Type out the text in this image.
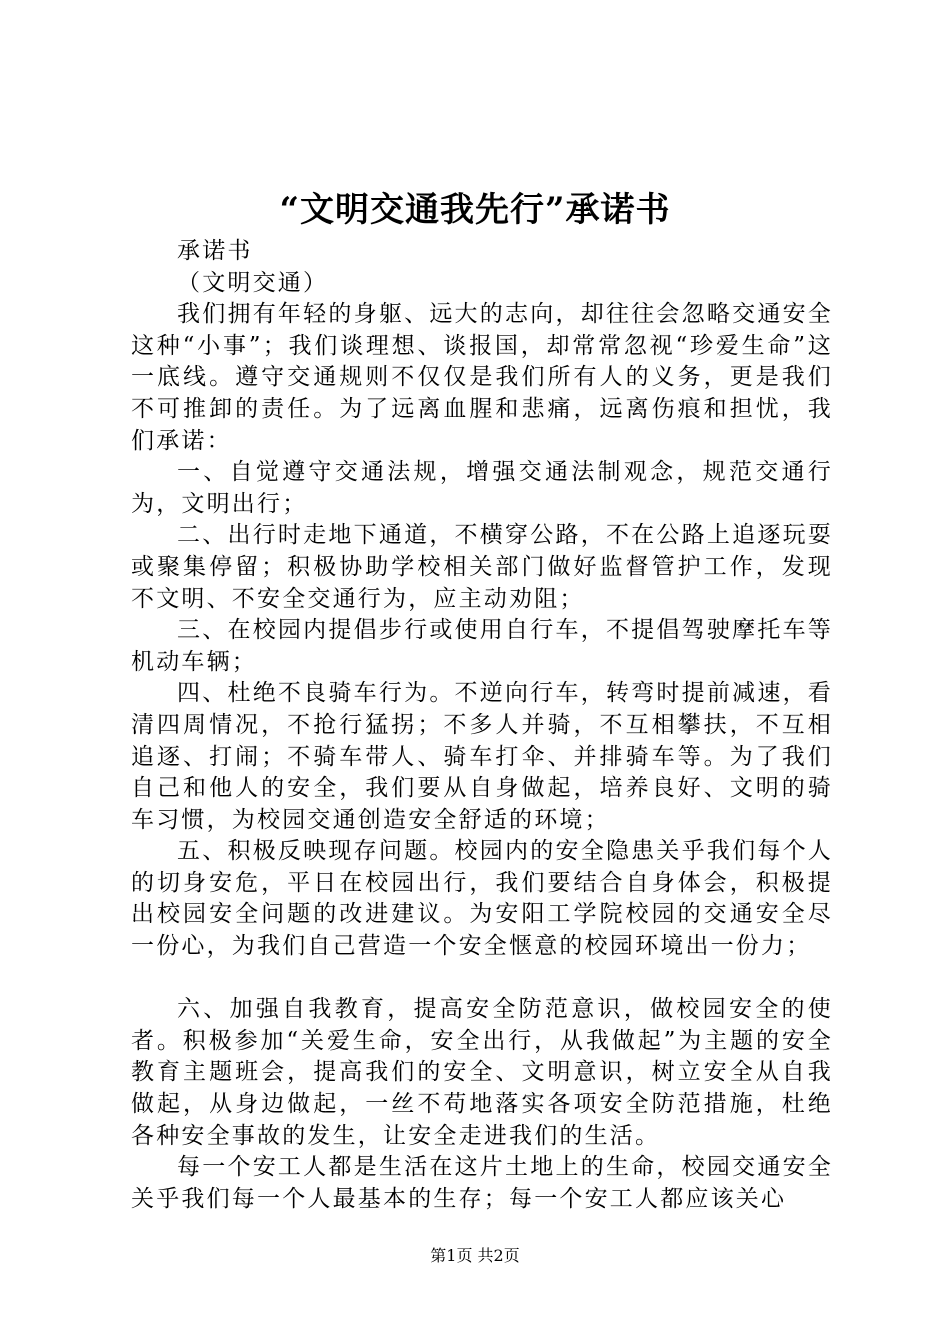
“文明交通我先行”承诺书

承诺书

（文明交通）

我们拥有年轻的身躯、远大的志向，却往往会忽略交通安全这种“小事”；我们谈理想、谈报国，却常常忽视“珍爱生命”这一底线。遵守交通规则不仅仅是我们所有人的义务，更是我们不可推卸的责任。为了远离血腥和悲痛，远离伤痕和担忧，我们承诺：

一、自觉遵守交通法规，增强交通法制观念，规范交通行为，文明出行；

二、出行时走地下通道，不横穿公路，不在公路上追逐玩耍或聚集停留；积极协助学校相关部门做好监督管护工作，发现不文明、不安全交通行为，应主动劝阻；

三、在校园内提倡步行或使用自行车，不提倡驾驶摩托车等机动车辆；

四、杜绝不良骑车行为。不逆向行车，转弯时提前减速，看清四周情况，不抢行猛拐；不多人并骑，不互相攀扶，不互相追逐、打闹；不骑车带人、骑车打伞、并排骑车等。为了我们自己和他人的安全，我们要从自身做起，培养良好、文明的骑车习惯，为校园交通创造安全舒适的环境；

五、积极反映现存问题。校园内的安全隐患关乎我们每个人的切身安危，平日在校园出行，我们要结合自身体会，积极提出校园安全问题的改进建议。为安阳工学院校园的交通安全尽一份心，为我们自己营造一个安全惬意的校园环境出一份力；

六、加强自我教育，提高安全防范意识，做校园安全的使者。积极参加“关爱生命，安全出行，从我做起”为主题的安全教育主题班会，提高我们的安全、文明意识，树立安全从自我做起，从身边做起，一丝不苟地落实各项安全防范措施，杜绝各种安全事故的发生，让安全走进我们的生活。

每一个安工人都是生活在这片土地上的生命，校园交通安全关乎我们每一个人最基本的生存；每一个安工人都应该关心

第1页 共2页
